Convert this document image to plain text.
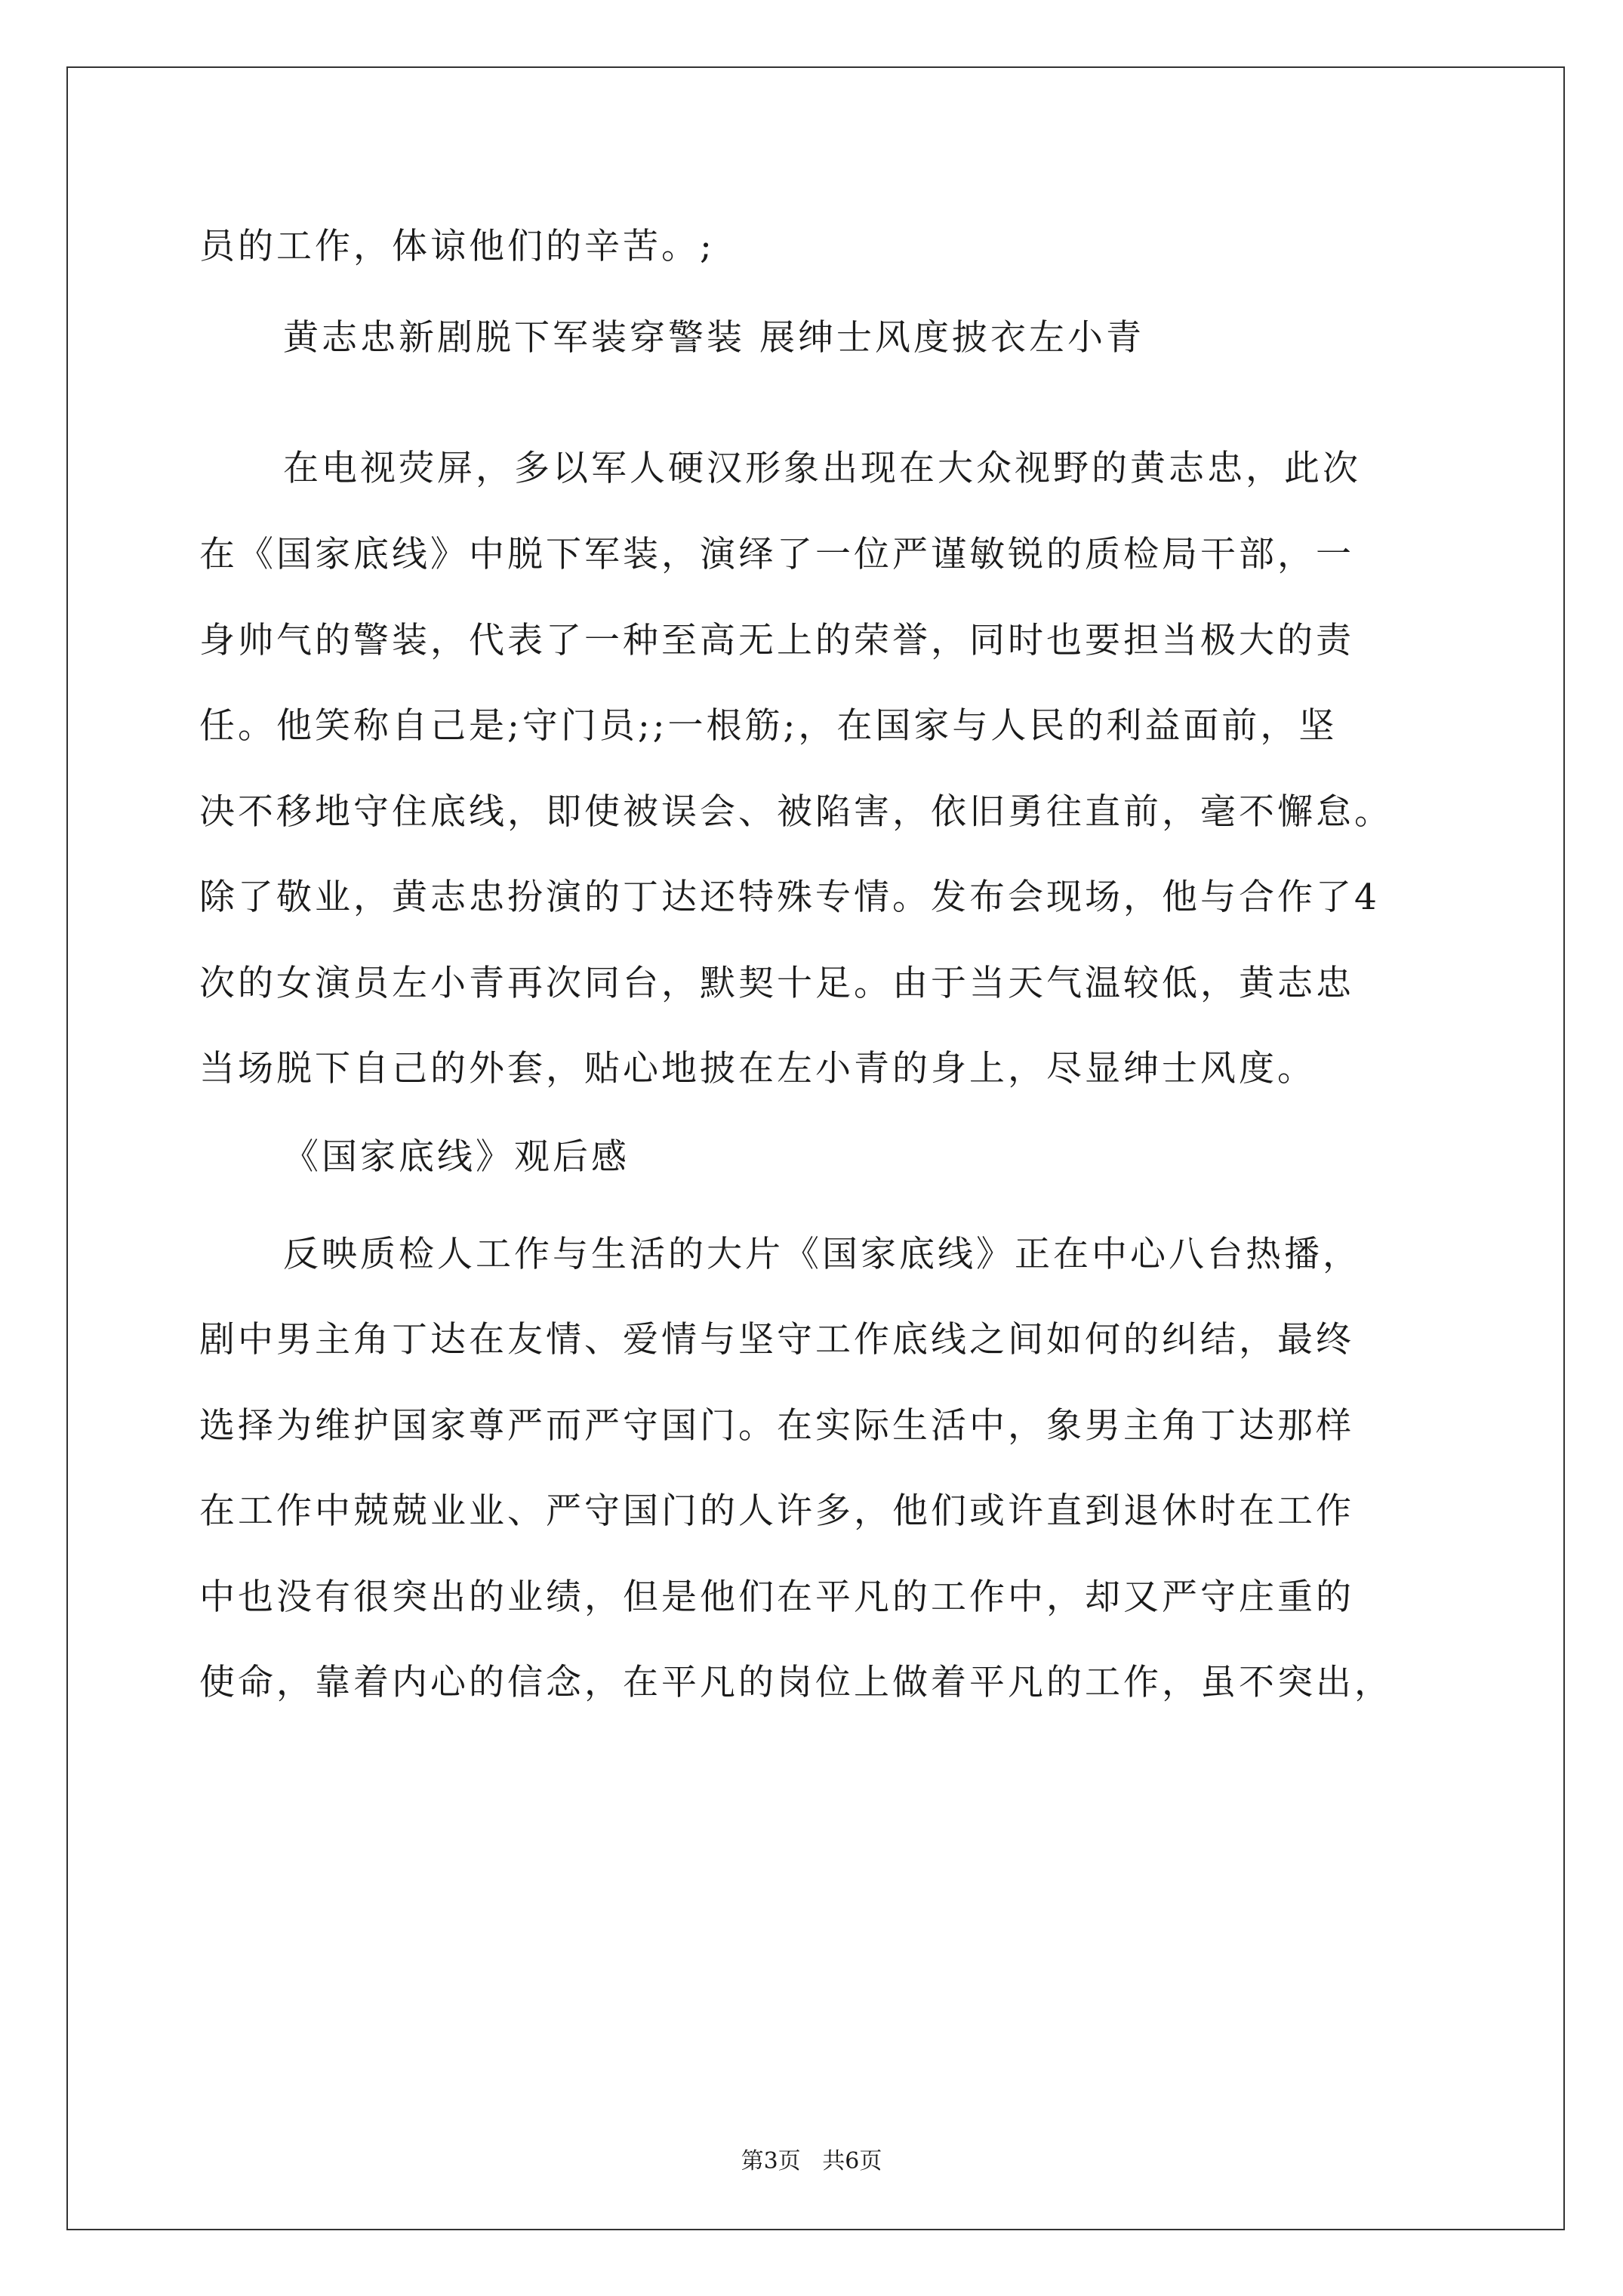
员的工作，体谅他们的辛苦。;
黄志忠新剧脱下军装穿警装 展绅士风度披衣左小青
在电视荧屏，多以军人硬汉形象出现在大众视野的黄志忠，此次
在《国家底线》中脱下军装，演绎了一位严谨敏锐的质检局干部，一
身帅气的警装，代表了一种至高无上的荣誉，同时也要担当极大的责
任。他笑称自己是;守门员;;一根筋;，在国家与人民的利益面前，坚
决不移地守住底线，即使被误会、被陷害，依旧勇往直前，毫不懈怠。
除了敬业，黄志忠扮演的丁达还特殊专情。发布会现场，他与合作了4
次的女演员左小青再次同台，默契十足。由于当天气温较低，黄志忠
当场脱下自己的外套，贴心地披在左小青的身上，尽显绅士风度。
《国家底线》观后感
反映质检人工作与生活的大片《国家底线》正在中心八台热播，
剧中男主角丁达在友情、爱情与坚守工作底线之间如何的纠结，最终
选择为维护国家尊严而严守国门。在实际生活中，象男主角丁达那样
在工作中兢兢业业、严守国门的人许多，他们或许直到退休时在工作
中也没有很突出的业绩，但是他们在平凡的工作中，却又严守庄重的
使命，靠着内心的信念，在平凡的岗位上做着平凡的工作，虽不突出，
第3页   共6页
